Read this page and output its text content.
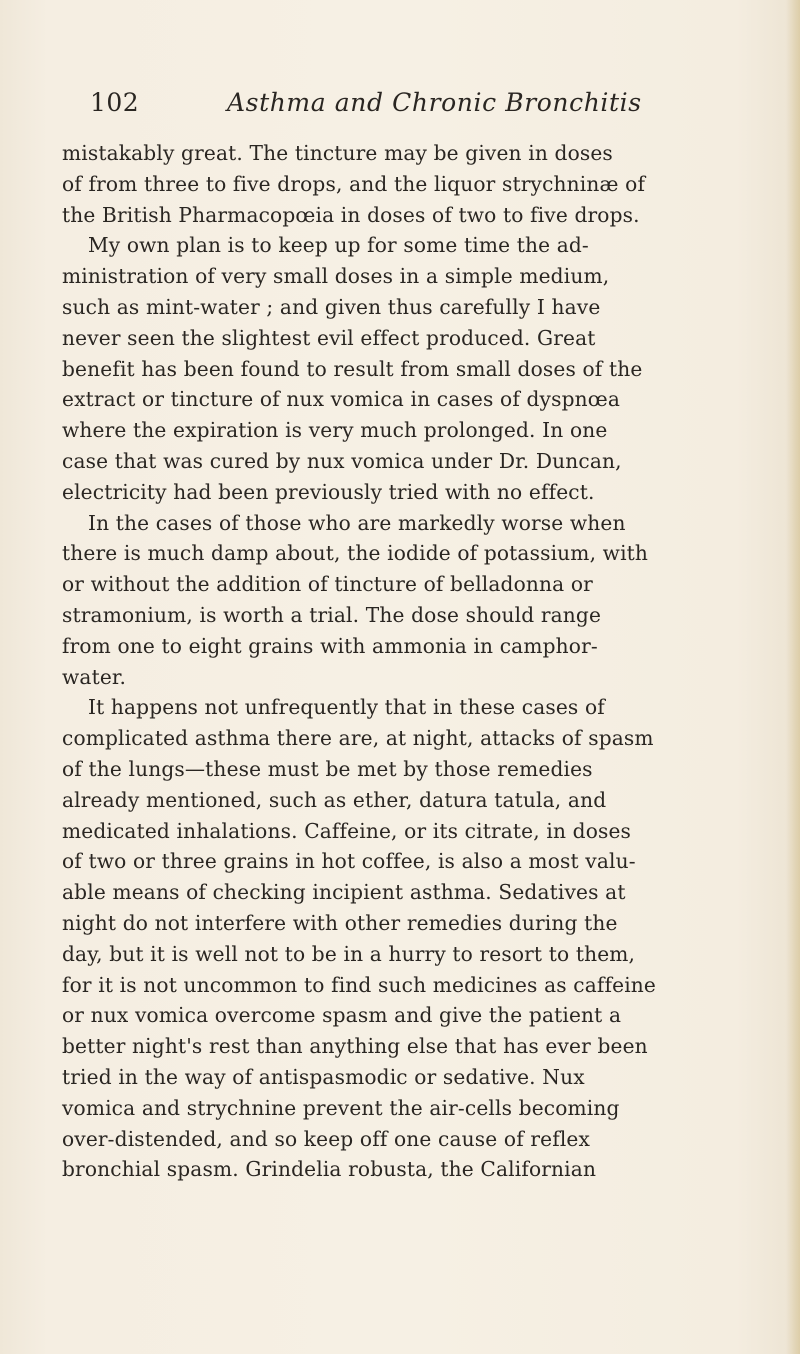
102	Asthma and Chronic Bronchitis
mistakably great. The tincture may be given in doses
of from three to five drops, and the liquor strychninæ of
the British Pharmacopœia in doses of two to five drops.
My own plan is to keep up for some time the ad-
ministration of very small doses in a simple medium,
such as mint-water ; and given thus carefully I have
never seen the slightest evil effect produced. Great
benefit has been found to result from small doses of the
extract or tincture of nux vomica in cases of dyspnœa
where the expiration is very much prolonged. In one
case that was cured by nux vomica under Dr. Duncan,
electricity had been previously tried with no effect.
In the cases of those who are markedly worse when
there is much damp about, the iodide of potassium, with
or without the addition of tincture of belladonna or
stramonium, is worth a trial. The dose should range
from one to eight grains with ammonia in camphor-
water.
It happens not unfrequently that in these cases of
complicated asthma there are, at night, attacks of spasm
of the lungs—these must be met by those remedies
already mentioned, such as ether, datura tatula, and
medicated inhalations. Caffeine, or its citrate, in doses
of two or three grains in hot coffee, is also a most valu-
able means of checking incipient asthma. Sedatives at
night do not interfere with other remedies during the
day, but it is well not to be in a hurry to resort to them,
for it is not uncommon to find such medicines as caffeine
or nux vomica overcome spasm and give the patient a
better night's rest than anything else that has ever been
tried in the way of antispasmodic or sedative. Nux
vomica and strychnine prevent the air-cells becoming
over-distended, and so keep off one cause of reflex
bronchial spasm. Grindelia robusta, the Californian
